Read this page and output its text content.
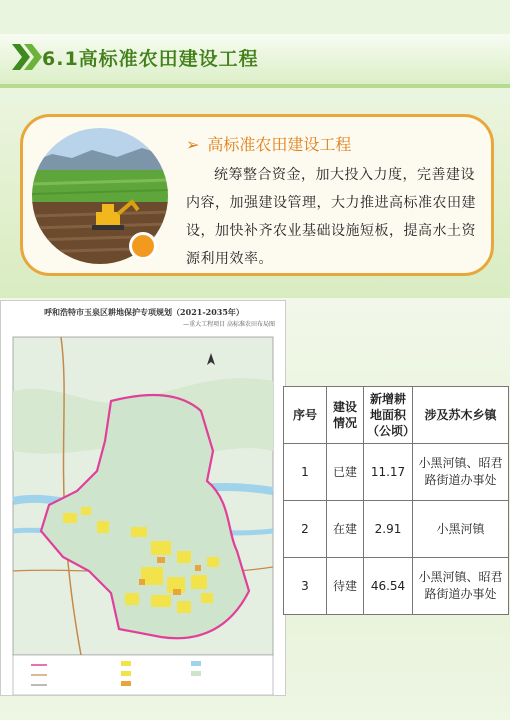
6.1高标准农田建设工程
➢ 高标准农田建设工程
统筹整合资金，加大投入力度，完善建设内容，加强建设管理，大力推进高标准农田建设，加快补齐农业基础设施短板，提高水土资源利用效率。
呼和浩特市玉泉区耕地保护专项规划（2021-2035年）
—重大工程项目 高标准农田布局图
序号	建设情况	新增耕地面积（公顷）	涉及苏木乡镇
1	已建	11.17	小黑河镇、昭君路街道办事处
2	在建	2.91	小黑河镇
3	待建	46.54	小黑河镇、昭君路街道办事处
